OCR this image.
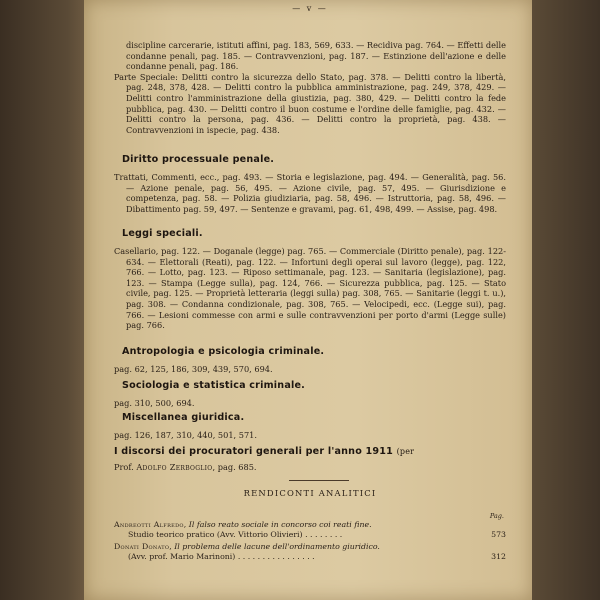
— v —

discipline carcerarie, istituti affini, pag. 183, 569, 633. — Recidiva pag. 764. — Effetti delle condanne penali, pag. 185. — Contravvenzioni, pag. 187. — Estinzione dell'azione e delle condanne penali, pag. 186.

Parte Speciale: Delitti contro la sicurezza dello Stato, pag. 378. — Delitti contro la libertà, pag. 248, 378, 428. — Delitti contro la pubblica amministrazione, pag. 249, 378, 429. — Delitti contro l'amministrazione della giustizia, pag. 380, 429. — Delitti contro la fede pubblica, pag. 430. — Delitti contro il buon costume e l'ordine delle famiglie, pag. 432. — Delitti contro la persona, pag. 436. — Delitti contro la proprietà, pag. 438. — Contravvenzioni in ispecie, pag. 438.

Diritto processuale penale.

Trattati, Commenti, ecc., pag. 493. — Storia e legislazione, pag. 494. — Generalità, pag. 56. — Azione penale, pag. 56, 495. — Azione civile, pag. 57, 495. — Giurisdizione e competenza, pag. 58. — Polizia giudiziaria, pag. 58, 496. — Istruttoria, pag. 58, 496. — Dibattimento pag. 59, 497. — Sentenze e gravami, pag. 61, 498, 499. — Assise, pag. 498.

Leggi speciali.

Casellario, pag. 122. — Doganale (legge) pag. 765. — Commerciale (Diritto penale), pag. 122-634. — Elettorali (Reati), pag. 122. — Infortuni degli operai sul lavoro (legge), pag. 122, 766. — Lotto, pag. 123. — Riposo settimanale, pag. 123. — Sanitaria (legislazione), pag. 123. — Stampa (Legge sulla), pag. 124, 766. — Sicurezza pubblica, pag. 125. — Stato civile, pag. 125. — Proprietà letteraria (leggi sulla) pag. 308, 765. — Sanitarie (leggi t. u.), pag. 308. — Condanna condizionale, pag. 308, 765. — Velocipedi, ecc. (Legge sui), pag. 766. — Lesioni commesse con armi e sulle contravvenzioni per porto d'armi (Legge sulle) pag. 766.

Antropologia e psicologia criminale.

pag. 62, 125, 186, 309, 439, 570, 694.

Sociologia e statistica criminale.

pag. 310, 500, 694.

Miscellanea giuridica.

pag. 126, 187, 310, 440, 501, 571.

I discorsi dei procuratori generali per l'anno 1911 (per

Prof. Adolfo Zerboglio, pag. 685.

RENDICONTI ANALITICI
Pag.
Andreotti Alfredo, Il falso reato sociale in concorso coi reati fine.
Studio teorico pratico (Avv. Vittorio Olivieri) . . . . . . . .	573
Donati Donato, Il problema delle lacune dell'ordinamento giuridico.
(Avv. prof. Mario Marinoni) . . . . . . . . . . . . . . . .	312
